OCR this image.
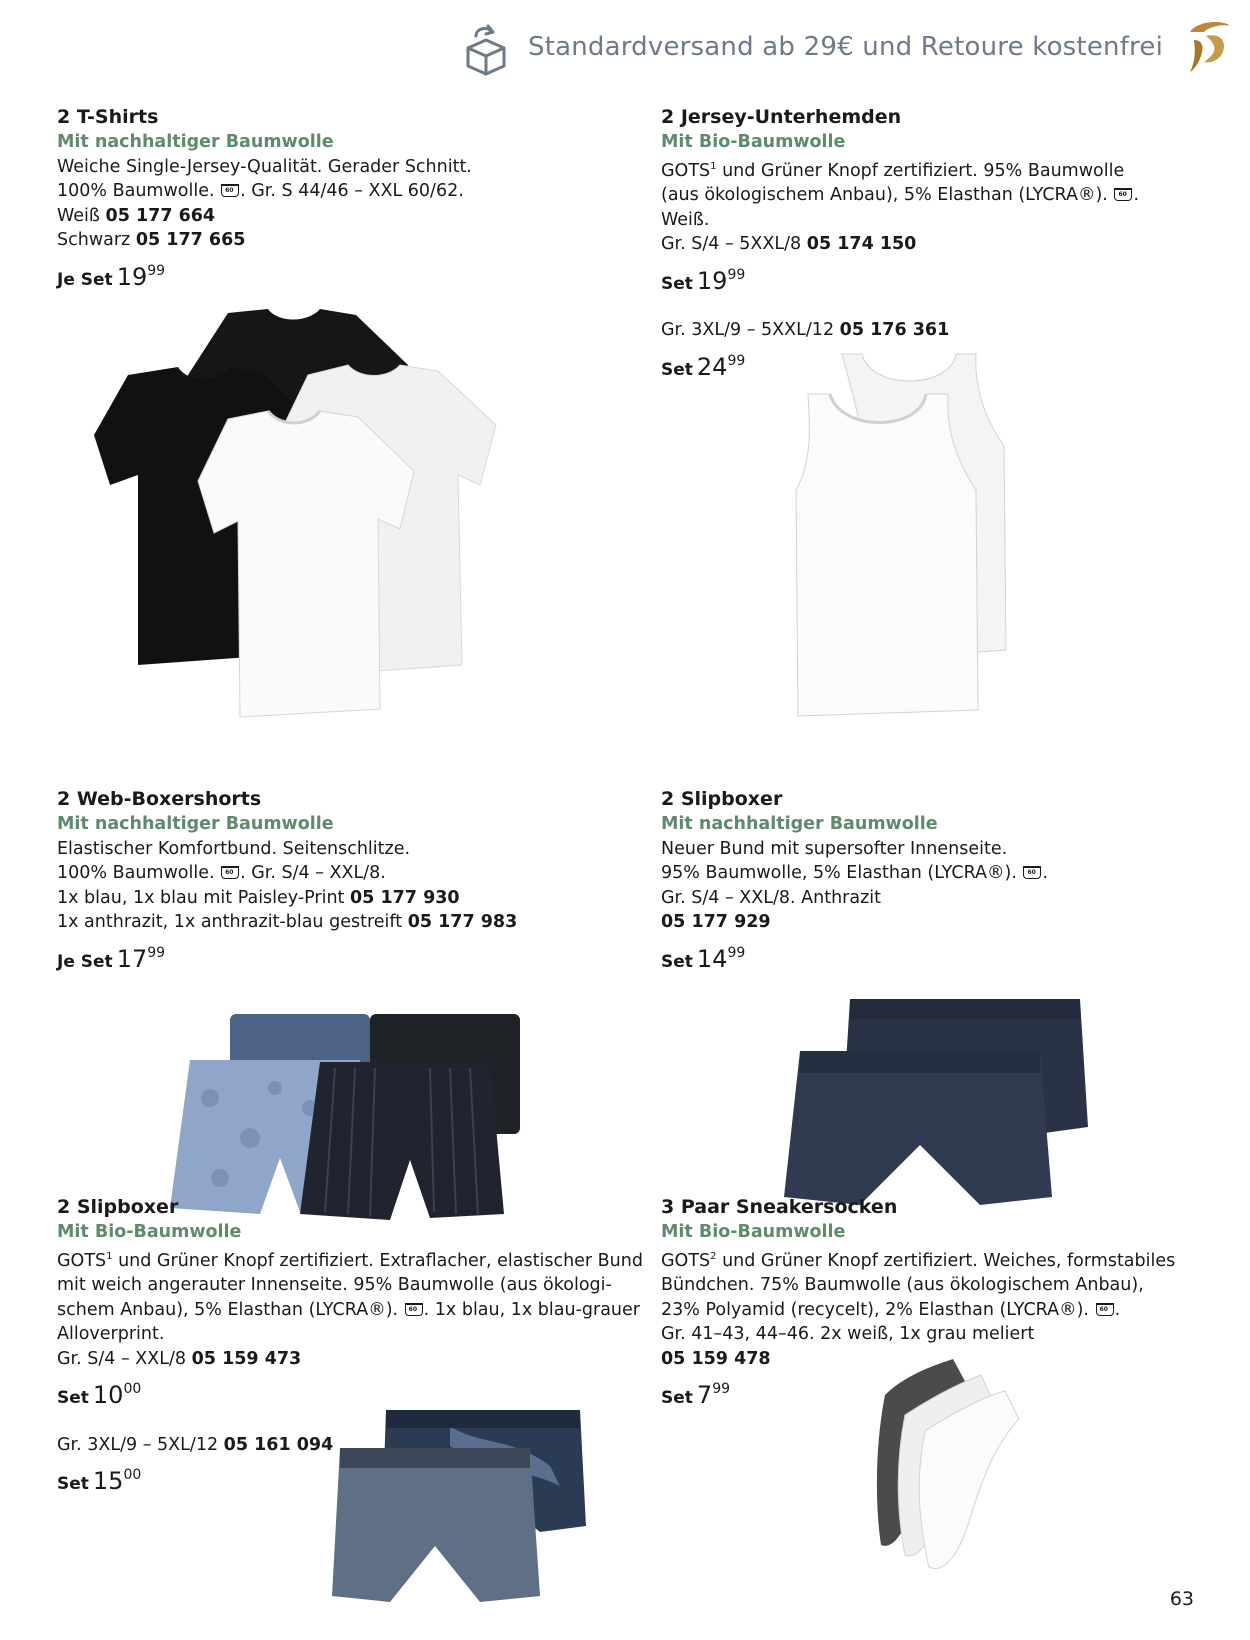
Standardversand ab 29€ und Retoure kostenfrei
2 T-Shirts
Mit nachhaltiger Baumwolle
Weiche Single-Jersey-Qualität. Gerader Schnitt.
100% Baumwolle. 60 . Gr. S 44/46 – XXL 60/62.
Weiß 05 177 664
Schwarz 05 177 665
Je Set $19^{99}$
2 Jersey-Unterhemden
Mit Bio-Baumwolle
GOTS$^1$ und Grüner Knopf zertifiziert. 95% Baumwolle
(aus ökologischem Anbau), 5% Elasthan (LYCRA®). 60.
Weiß.
Gr. S/4 – 5XXL/8 05 174 150
Set $19^{99}$
Gr. 3XL/9 – 5XXL/12 05 176 361
Set $24^{99}$
2 Web-Boxershorts
Mit nachhaltiger Baumwolle
Elastischer Komfortbund. Seitenschlitze.
100% Baumwolle. 60 . Gr. S/4 – XXL/8.
1x blau, 1x blau mit Paisley-Print 05 177 930
1x anthrazit, 1x anthrazit-blau gestreift 05 177 983
Je Set $17^{99}$
2 Slipboxer
Mit nachhaltiger Baumwolle
Neuer Bund mit supersofter Innenseite.
95% Baumwolle, 5% Elasthan (LYCRA®). 60.
Gr. S/4 – XXL/8. Anthrazit
05 177 929
Set $14^{99}$
2 Slipboxer
Mit Bio-Baumwolle
GOTS$^1$ und Grüner Knopf zertifiziert. Extraflacher, elastischer Bund
mit weich angerauter Innenseite. 95% Baumwolle (aus ökologi-
schem Anbau), 5% Elasthan (LYCRA®). 60. 1x blau, 1x blau-grauer
Alloverprint.
Gr. S/4 – XXL/8 05 159 473
Set $10^{00}$
Gr. 3XL/9 – 5XL/12 05 161 094
Set $15^{00}$
3 Paar Sneakersocken
Mit Bio-Baumwolle
GOTS$^2$ und Grüner Knopf zertifiziert. Weiches, formstabiles
Bündchen. 75% Baumwolle (aus ökologischem Anbau),
23% Polyamid (recycelt), 2% Elasthan (LYCRA®). 60.
Gr. 41–43, 44–46. 2x weiß, 1x grau meliert
05 159 478
Set $7^{99}$
63
